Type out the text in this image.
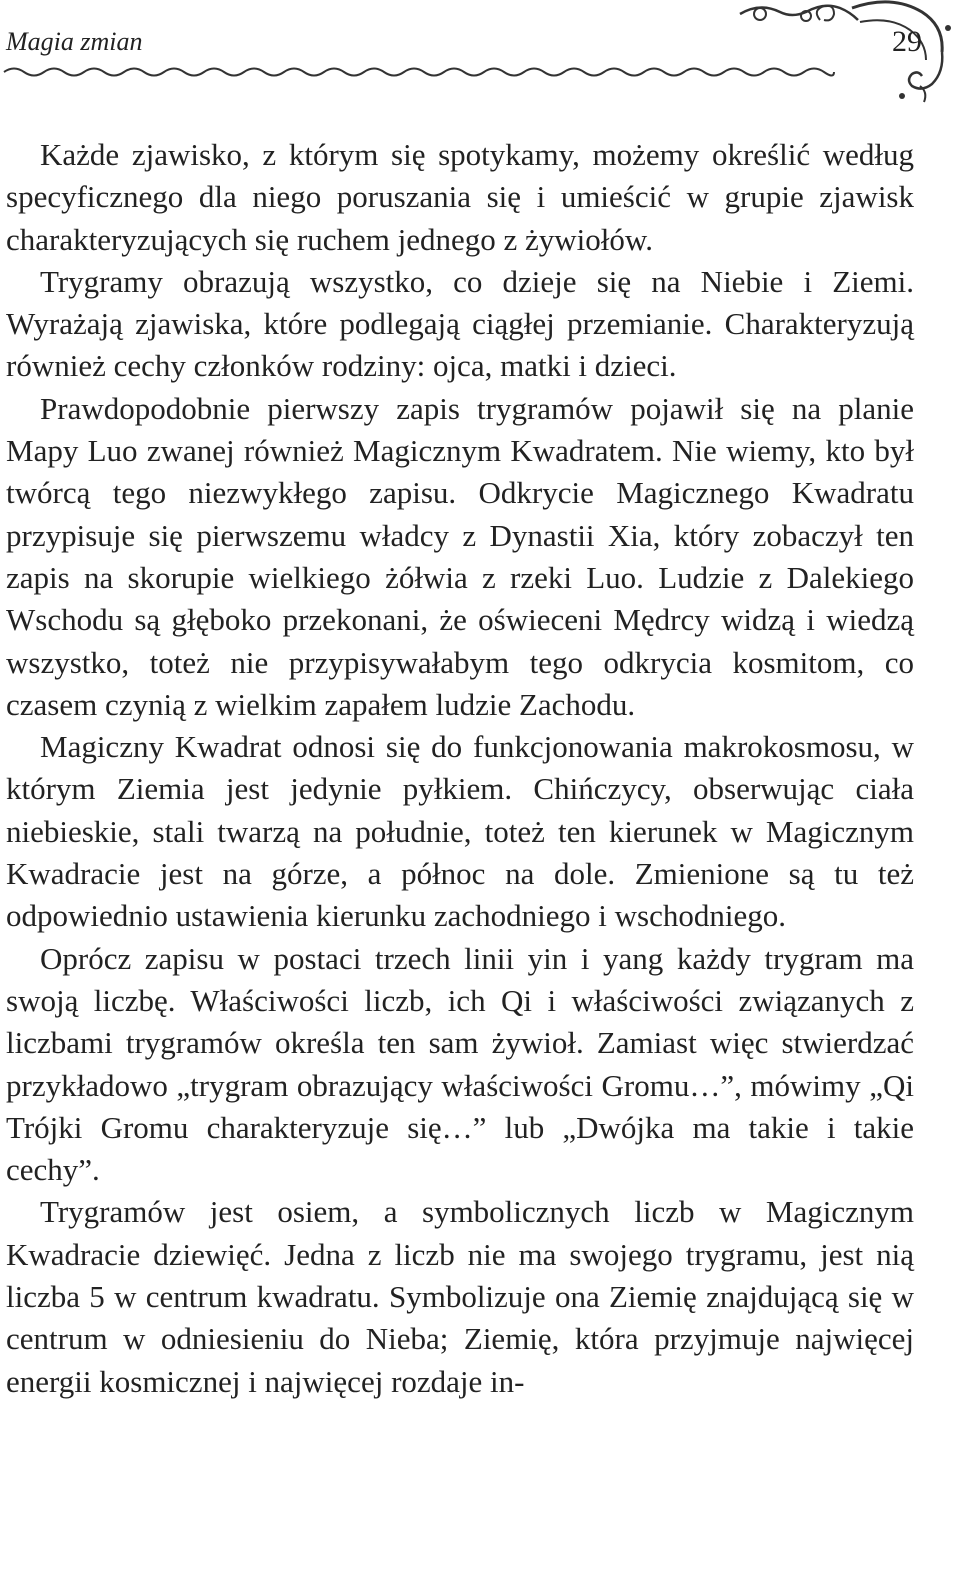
Magia zmian	29

Każde zjawisko, z którym się spotykamy, możemy określić według specyficznego dla niego poruszania się i umieścić w grupie zjawisk charakteryzujących się ruchem jednego z żywiołów.

Trygramy obrazują wszystko, co dzieje się na Niebie i Ziemi. Wyrażają zjawiska, które podlegają ciągłej przemianie. Charakteryzują również cechy członków rodziny: ojca, matki i dzieci.

Prawdopodobnie pierwszy zapis trygramów pojawił się na planie Mapy Luo zwanej również Magicznym Kwadratem. Nie wiemy, kto był twórcą tego niezwykłego zapisu. Odkrycie Magicznego Kwadratu przypisuje się pierwszemu władcy z Dynastii Xia, który zobaczył ten zapis na skorupie wielkiego żółwia z rzeki Luo. Ludzie z Dalekiego Wschodu są głęboko przekonani, że oświeceni Mędrcy widzą i wiedzą wszystko, toteż nie przypisywałabym tego odkrycia kosmitom, co czasem czynią z wielkim zapałem ludzie Zachodu.

Magiczny Kwadrat odnosi się do funkcjonowania makrokosmosu, w którym Ziemia jest jedynie pyłkiem. Chińczycy, obserwując ciała niebieskie, stali twarzą na południe, toteż ten kierunek w Magicznym Kwadracie jest na górze, a północ na dole. Zmienione są tu też odpowiednio ustawienia kierunku zachodniego i wschodniego.

Oprócz zapisu w postaci trzech linii yin i yang każdy trygram ma swoją liczbę. Właściwości liczb, ich Qi i właściwości związanych z liczbami trygramów określa ten sam żywioł. Zamiast więc stwierdzać przykładowo „trygram obrazujący właściwości Gromu…”, mówimy „Qi Trójki Gromu charakteryzuje się…” lub „Dwójka ma takie i takie cechy”.

Trygramów jest osiem, a symbolicznych liczb w Magicznym Kwadracie dziewięć. Jedna z liczb nie ma swojego trygramu, jest nią liczba 5 w centrum kwadratu. Symbolizuje ona Ziemię znajdującą się w centrum w odniesieniu do Nieba; Ziemię, która przyjmuje najwięcej energii kosmicznej i najwięcej rozdaje in-
